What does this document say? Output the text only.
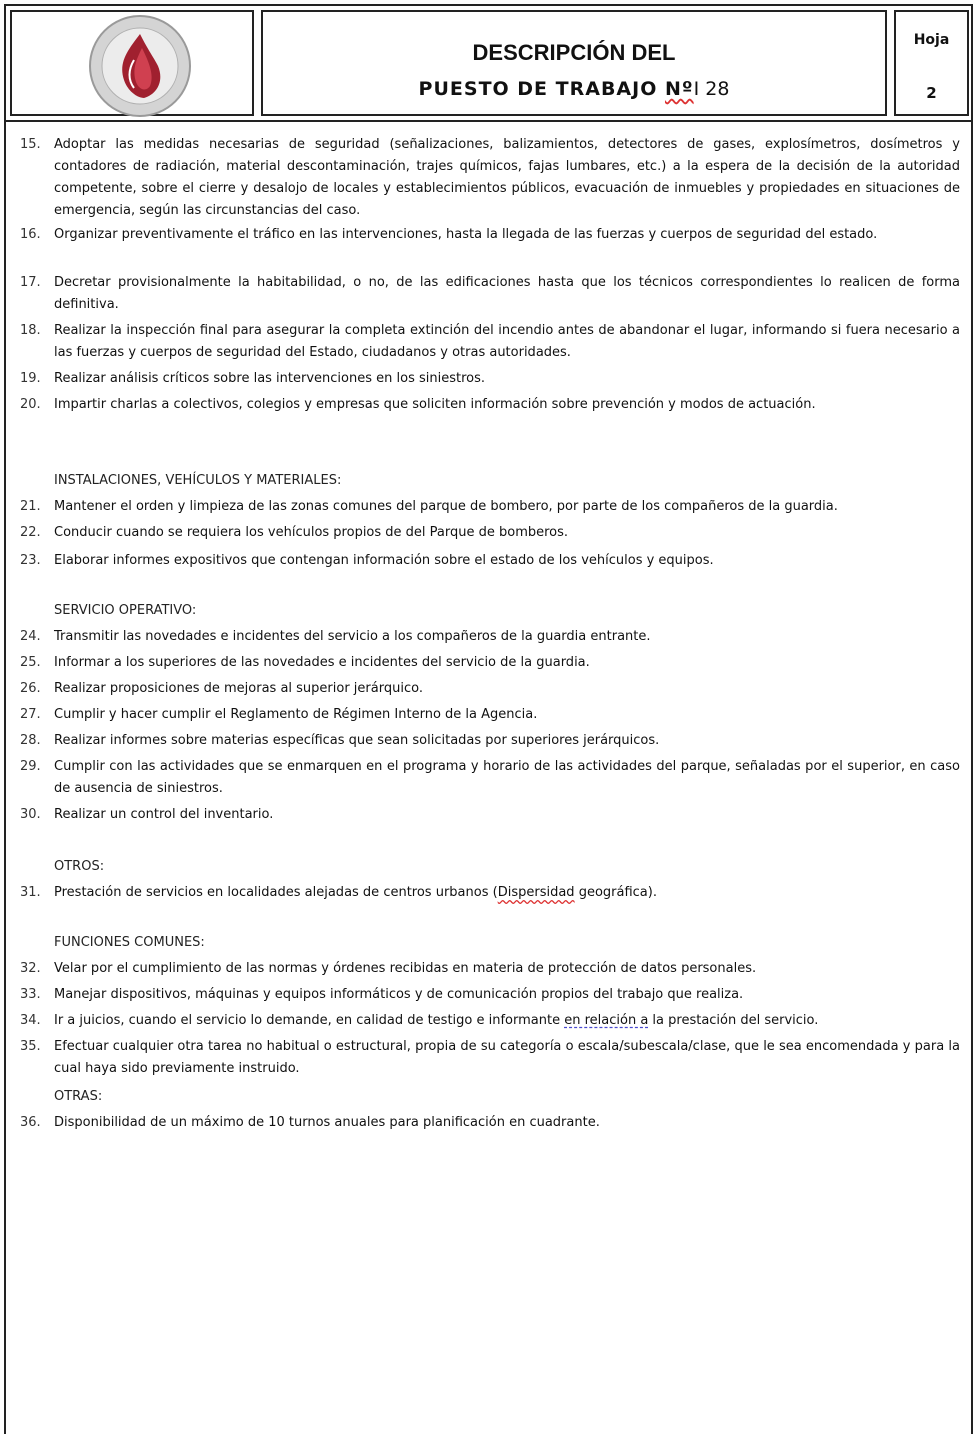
DESCRIPCIÓN DEL
PUESTO DE TRABAJO NºI 28
Hoja
2
15.	Adoptar las medidas necesarias de seguridad (señalizaciones, balizamientos, detectores de gases, explosímetros, dosímetros y contadores de radiación, material descontaminación, trajes químicos, fajas lumbares, etc.) a la espera de la decisión de la autoridad competente, sobre el cierre y desalojo de locales y establecimientos públicos, evacuación de inmuebles y propiedades en situaciones de emergencia, según las circunstancias del caso.
16.	Organizar preventivamente el tráfico en las intervenciones, hasta la llegada de las fuerzas y cuerpos de seguridad del estado.
17.	Decretar provisionalmente la habitabilidad, o no, de las edificaciones hasta que los técnicos correspondientes lo realicen de forma definitiva.
18.	Realizar la inspección final para asegurar la completa extinción del incendio antes de abandonar el lugar, informando si fuera necesario a las fuerzas y cuerpos de seguridad del Estado, ciudadanos y otras autoridades.
19.	Realizar análisis críticos sobre las intervenciones en los siniestros.
20.	Impartir charlas a colectivos, colegios y empresas que soliciten información sobre prevención y modos de actuación.
INSTALACIONES, VEHÍCULOS Y MATERIALES:
21.	Mantener el orden y limpieza de las zonas comunes del parque de bombero, por parte de los compañeros de la guardia.
22.	Conducir cuando se requiera los vehículos propios de del Parque de bomberos.
23.	Elaborar informes expositivos que contengan información sobre el estado de los vehículos y equipos.
SERVICIO OPERATIVO:
24.	Transmitir las novedades e incidentes del servicio a los compañeros de la guardia entrante.
25.	Informar a los superiores de las novedades e incidentes del servicio de la guardia.
26.	Realizar proposiciones de mejoras al superior jerárquico.
27.	Cumplir y hacer cumplir el Reglamento de Régimen Interno de la Agencia.
28.	Realizar informes sobre materias específicas que sean solicitadas por superiores jerárquicos.
29.	Cumplir con las actividades que se enmarquen en el programa y horario de las actividades del parque, señaladas por el superior, en caso de ausencia de siniestros.
30.	Realizar un control del inventario.
OTROS:
31.	Prestación de servicios en localidades alejadas de centros urbanos (Dispersidad geográfica).
FUNCIONES COMUNES:
32.	Velar por el cumplimiento de las normas y órdenes recibidas en materia de protección de datos personales.
33.	Manejar dispositivos, máquinas y equipos informáticos y de comunicación propios del trabajo que realiza.
34.	Ir a juicios, cuando el servicio lo demande, en calidad de testigo e informante en relación a la prestación del servicio.
35.	Efectuar cualquier otra tarea no habitual o estructural, propia de su categoría o escala/subescala/clase, que le sea encomendada y para la cual haya sido previamente instruido.
OTRAS:
36.	Disponibilidad de un máximo de 10 turnos anuales para planificación en cuadrante.
